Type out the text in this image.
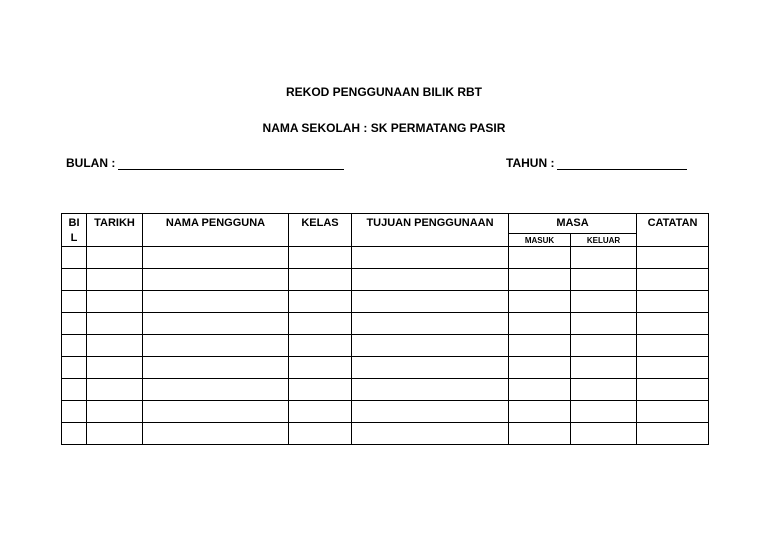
REKOD PENGGUNAAN BILIK RBT
NAMA SEKOLAH : SK PERMATANG PASIR
BULAN :	TAHUN :
BI L	TARIKH	NAMA PENGGUNA	KELAS	TUJUAN PENGGUNAAN	MASA		CATATAN
					MASUK	KELUAR	
